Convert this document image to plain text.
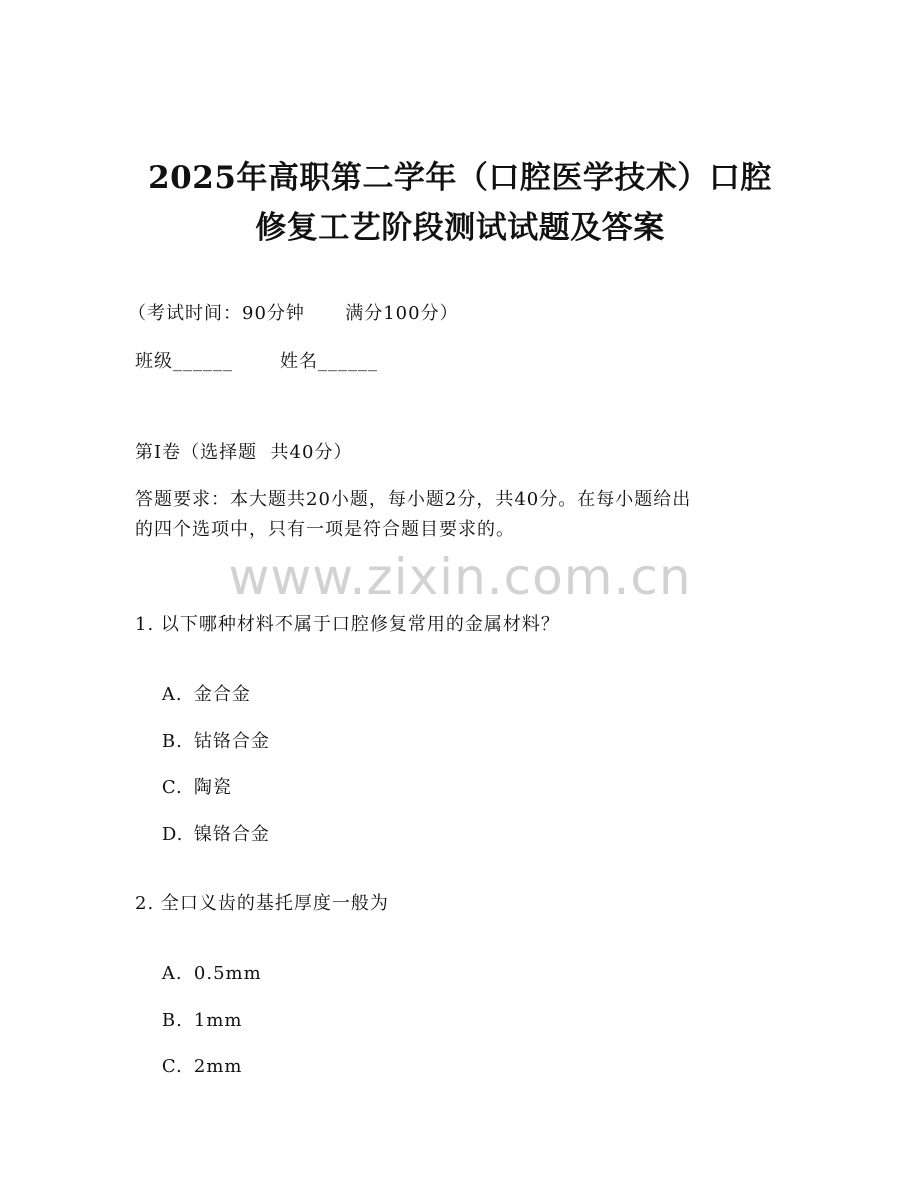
2025年高职第二学年（口腔医学技术）口腔
修复工艺阶段测试试题及答案
（考试时间：90分钟      满分100分）
班级______       姓名______
第I卷（选择题  共40分）
答题要求：本大题共20小题，每小题2分，共40分。在每小题给出
的四个选项中，只有一项是符合题目要求的。
www.zixin.com.cn
1. 以下哪种材料不属于口腔修复常用的金属材料？

A. 金合金

B. 钴铬合金

C. 陶瓷

D. 镍铬合金

2. 全口义齿的基托厚度一般为

A. 0.5mm

B. 1mm

C. 2mm
